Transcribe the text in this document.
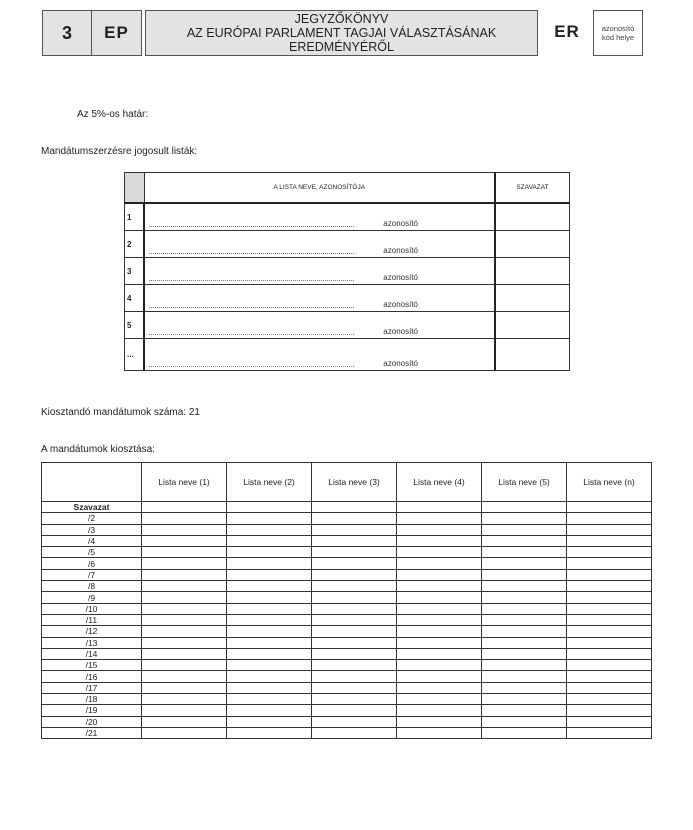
3 EP
JEGYZŐKÖNYV
AZ EURÓPAI PARLAMENT TAGJAI VÁLASZTÁSÁNAK
EREDMÉNYÉRŐL
ER	azonosító
kód helye
Az 5%-os határ:
Mandátumszerzésre jogosult listák:
	A LISTA NEVE, AZONOSÍTÓJA	SZAVAZAT
1	azonosító	

2	azonosító	

3	azonosító	

4	azonosító	

5	azonosító	

...	azonosító	

Kiosztandó mandátumok száma: 21
A mandátumok kiosztása:
	Lista neve (1)	Lista neve (2)	Lista neve (3)	Lista neve (4)	Lista neve (5)	Lista neve (n)
Szavazat						
/2						
/3						
/4						
/5						
/6						
/7						
/8						
/9						
/10						
/11						
/12						
/13						
/14						
/15						
/16						
/17						
/18						
/19						
/20						
/21						
